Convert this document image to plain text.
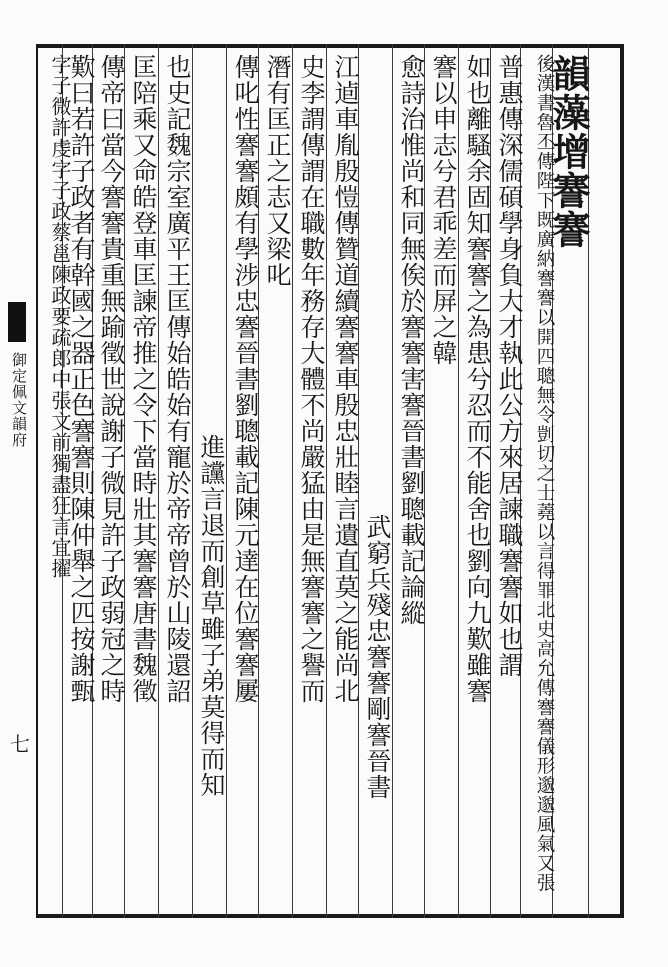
御定佩文韻府
七
韻藻增謇謇
後漢書魯丕傳陛下既廣納謇謇以開四聰無令剴切之士蕘以言得罪北史高允傳謇謇儀形邈邈風氣又張
普惠傳深儒碩學身負大才執此公方來居諫職謇謇如也謂
如也離騷余固知謇謇之為患兮忍而不能舍也劉向九歎雖謇
謇以申志兮君乖差而屏之韓
愈詩治惟尚和同無俟於謇謇害謇晉書劉聰載記論縱
武窮兵殘忠謇謇剛謇晉書
江逌車胤殷愷傳贊道續謇謇車殷忠壯睦言遺直莫之能尚北
史李謂傳謂在職數年務存大體不尚嚴猛由是無謇謇之譽而
潛有匡正之志又梁叱
傳叱性謇謇頗有學涉忠謇晉書劉聰載記陳元達在位謇謇屢
進讜言退而創草雖子弟莫得而知
也史記魏宗室廣平王匡傳始皓始有寵於帝帝曾於山陵還詔
匡陪乘又命皓登車匡諫帝推之令下當時壯其謇謇唐書魏徵
傳帝曰當今謇謇貴重無踰徵世說謝子微見許子政弱冠之時
歎曰若許子政者有幹國之器正色謇謇則陳仲舉之匹按謝甄
字子微許虔字子政蔡邕陳政要疏郎中張文前獨盡狂言宜擢
